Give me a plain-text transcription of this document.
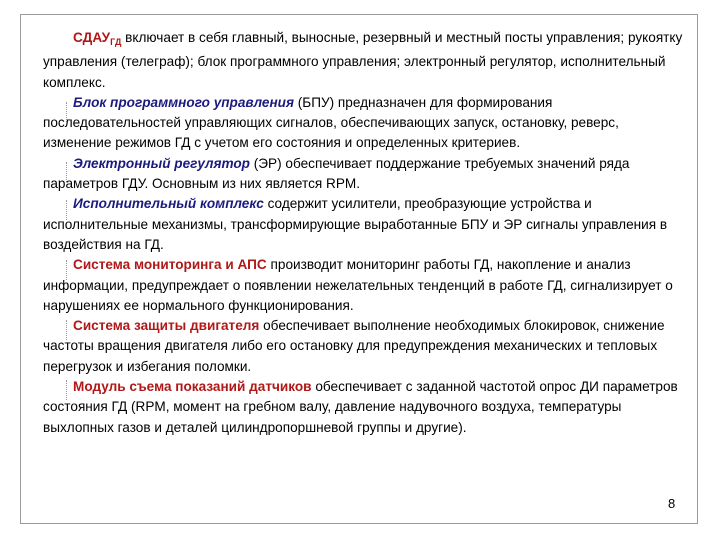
$СДАУ_{ГД}$ включает в себя главный, выносные, резервный и местный посты управления; рукоятку управления (телеграф); блок программного управления; электронный регулятор, исполнительный комплекс.

Блок программного управления (БПУ) предназначен для формирования последовательностей управляющих сигналов, обеспечивающих запуск, остановку, реверс, изменение режимов ГД с учетом его состояния и определенных критериев.

Электронный регулятор (ЭР) обеспечивает поддержание требуемых значений ряда параметров ГДУ. Основным из них является RPM.

Исполнительный комплекс содержит усилители, преобразующие устройства и исполнительные механизмы, трансформирующие выработанные БПУ и ЭР сигналы управления в воздействия на ГД.

Система мониторинга и АПС производит мониторинг работы ГД, накопление и анализ информации, предупреждает о появлении нежелательных тенденций в работе ГД, сигнализирует о нарушениях ее нормального функционирования.

Система защиты двигателя обеспечивает выполнение необходимых блокировок, снижение частоты вращения двигателя либо его остановку для предупреждения механических и тепловых перегрузок и избегания поломки.

Модуль съема показаний датчиков обеспечивает с заданной частотой опрос ДИ параметров состояния ГД (RPM, момент на гребном валу, давление надувочного воздуха, температуры выхлопных газов и деталей цилиндропоршневой группы и другие).

8
